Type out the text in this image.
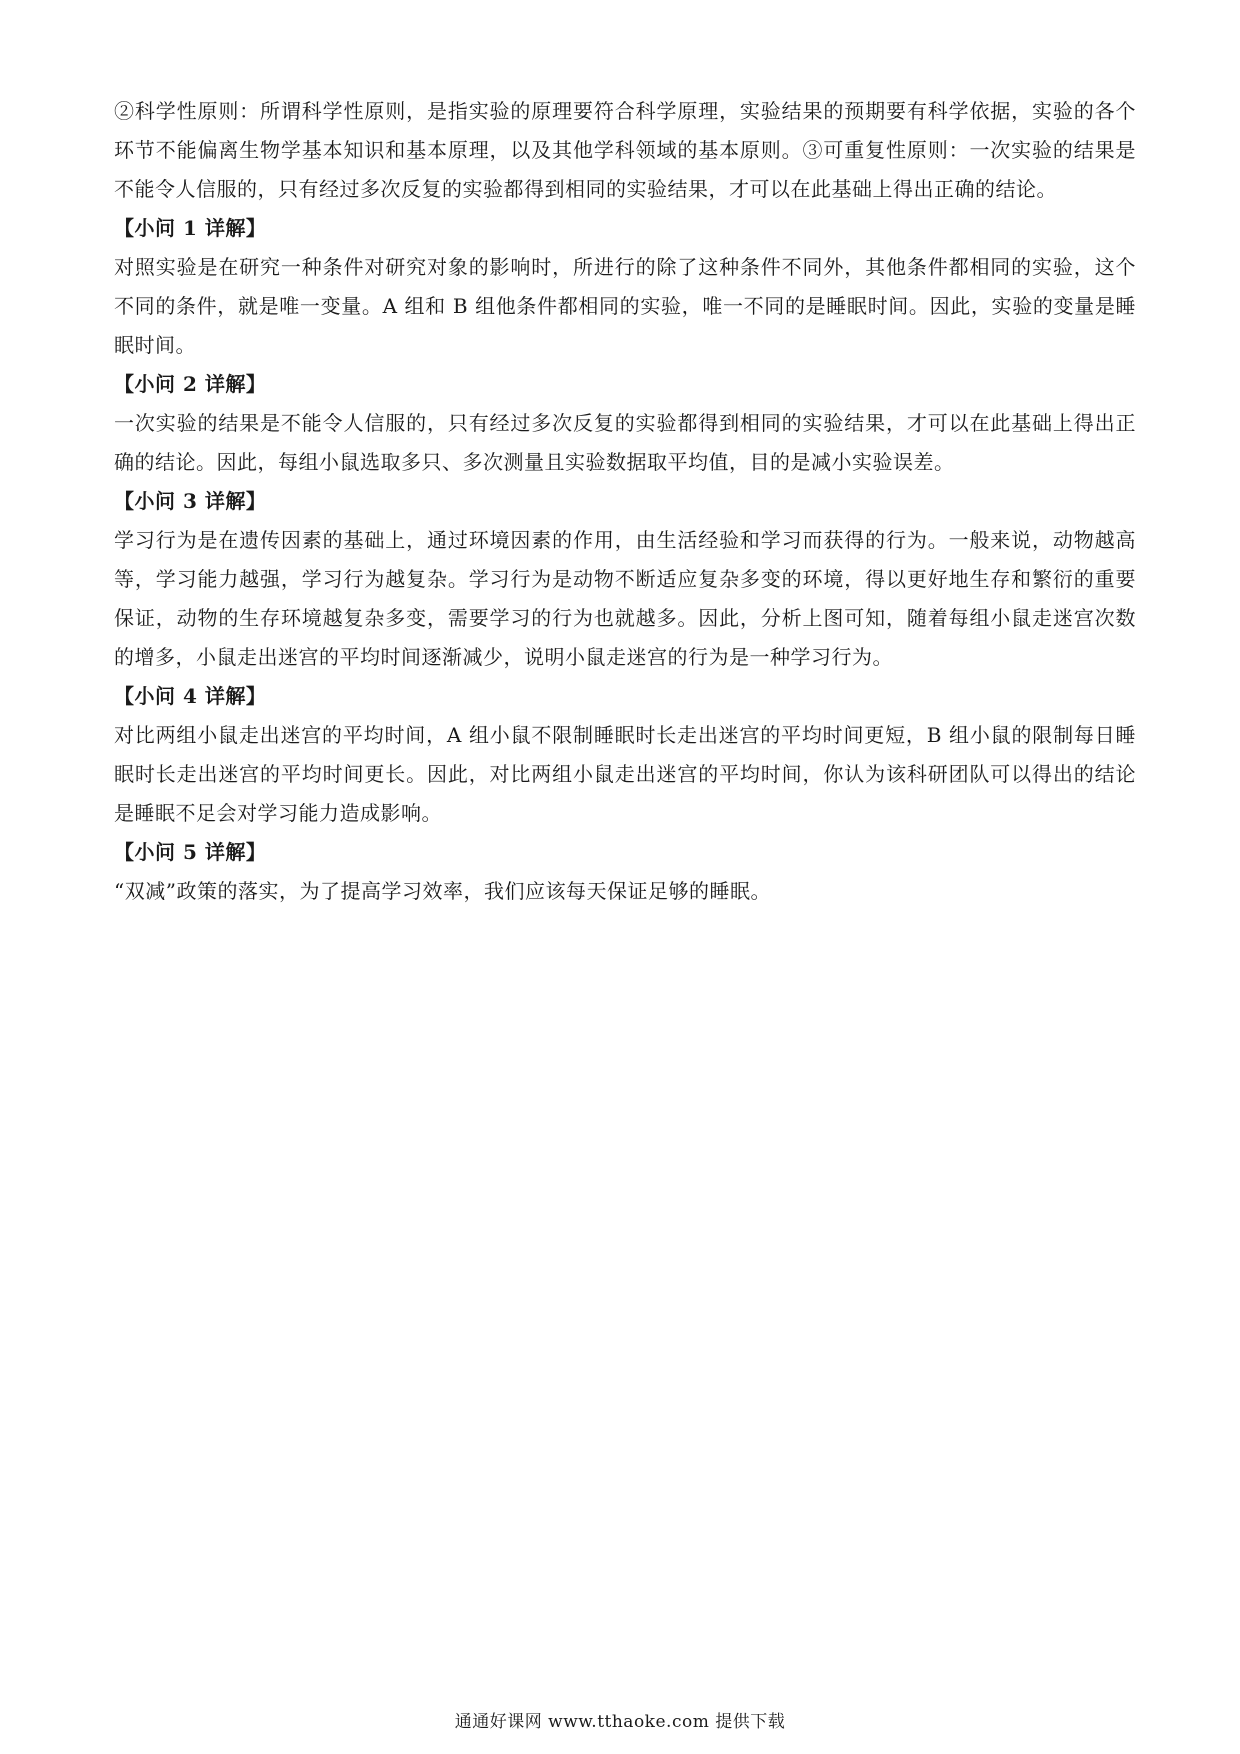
②科学性原则：所谓科学性原则，是指实验的原理要符合科学原理，实验结果的预期要有科学依据，实验的各个环节不能偏离生物学基本知识和基本原理，以及其他学科领域的基本原则。③可重复性原则：一次实验的结果是不能令人信服的，只有经过多次反复的实验都得到相同的实验结果，才可以在此基础上得出正确的结论。

【小问 1 详解】

对照实验是在研究一种条件对研究对象的影响时，所进行的除了这种条件不同外，其他条件都相同的实验，这个不同的条件，就是唯一变量。A 组和 B 组他条件都相同的实验，唯一不同的是睡眠时间。因此，实验的变量是睡眠时间。

【小问 2 详解】

一次实验的结果是不能令人信服的，只有经过多次反复的实验都得到相同的实验结果，才可以在此基础上得出正确的结论。因此，每组小鼠选取多只、多次测量且实验数据取平均值，目的是减小实验误差。

【小问 3 详解】

学习行为是在遗传因素的基础上，通过环境因素的作用，由生活经验和学习而获得的行为。一般来说，动物越高等，学习能力越强，学习行为越复杂。学习行为是动物不断适应复杂多变的环境，得以更好地生存和繁衍的重要保证，动物的生存环境越复杂多变，需要学习的行为也就越多。因此，分析上图可知，随着每组小鼠走迷宫次数的增多，小鼠走出迷宫的平均时间逐渐减少，说明小鼠走迷宫的行为是一种学习行为。

【小问 4 详解】

对比两组小鼠走出迷宫的平均时间，A 组小鼠不限制睡眠时长走出迷宫的平均时间更短，B 组小鼠的限制每日睡眠时长走出迷宫的平均时间更长。因此，对比两组小鼠走出迷宫的平均时间，你认为该科研团队可以得出的结论是睡眠不足会对学习能力造成影响。

【小问 5 详解】

“双减”政策的落实，为了提高学习效率，我们应该每天保证足够的睡眠。

通通好课网 www.tthaoke.com 提供下载
